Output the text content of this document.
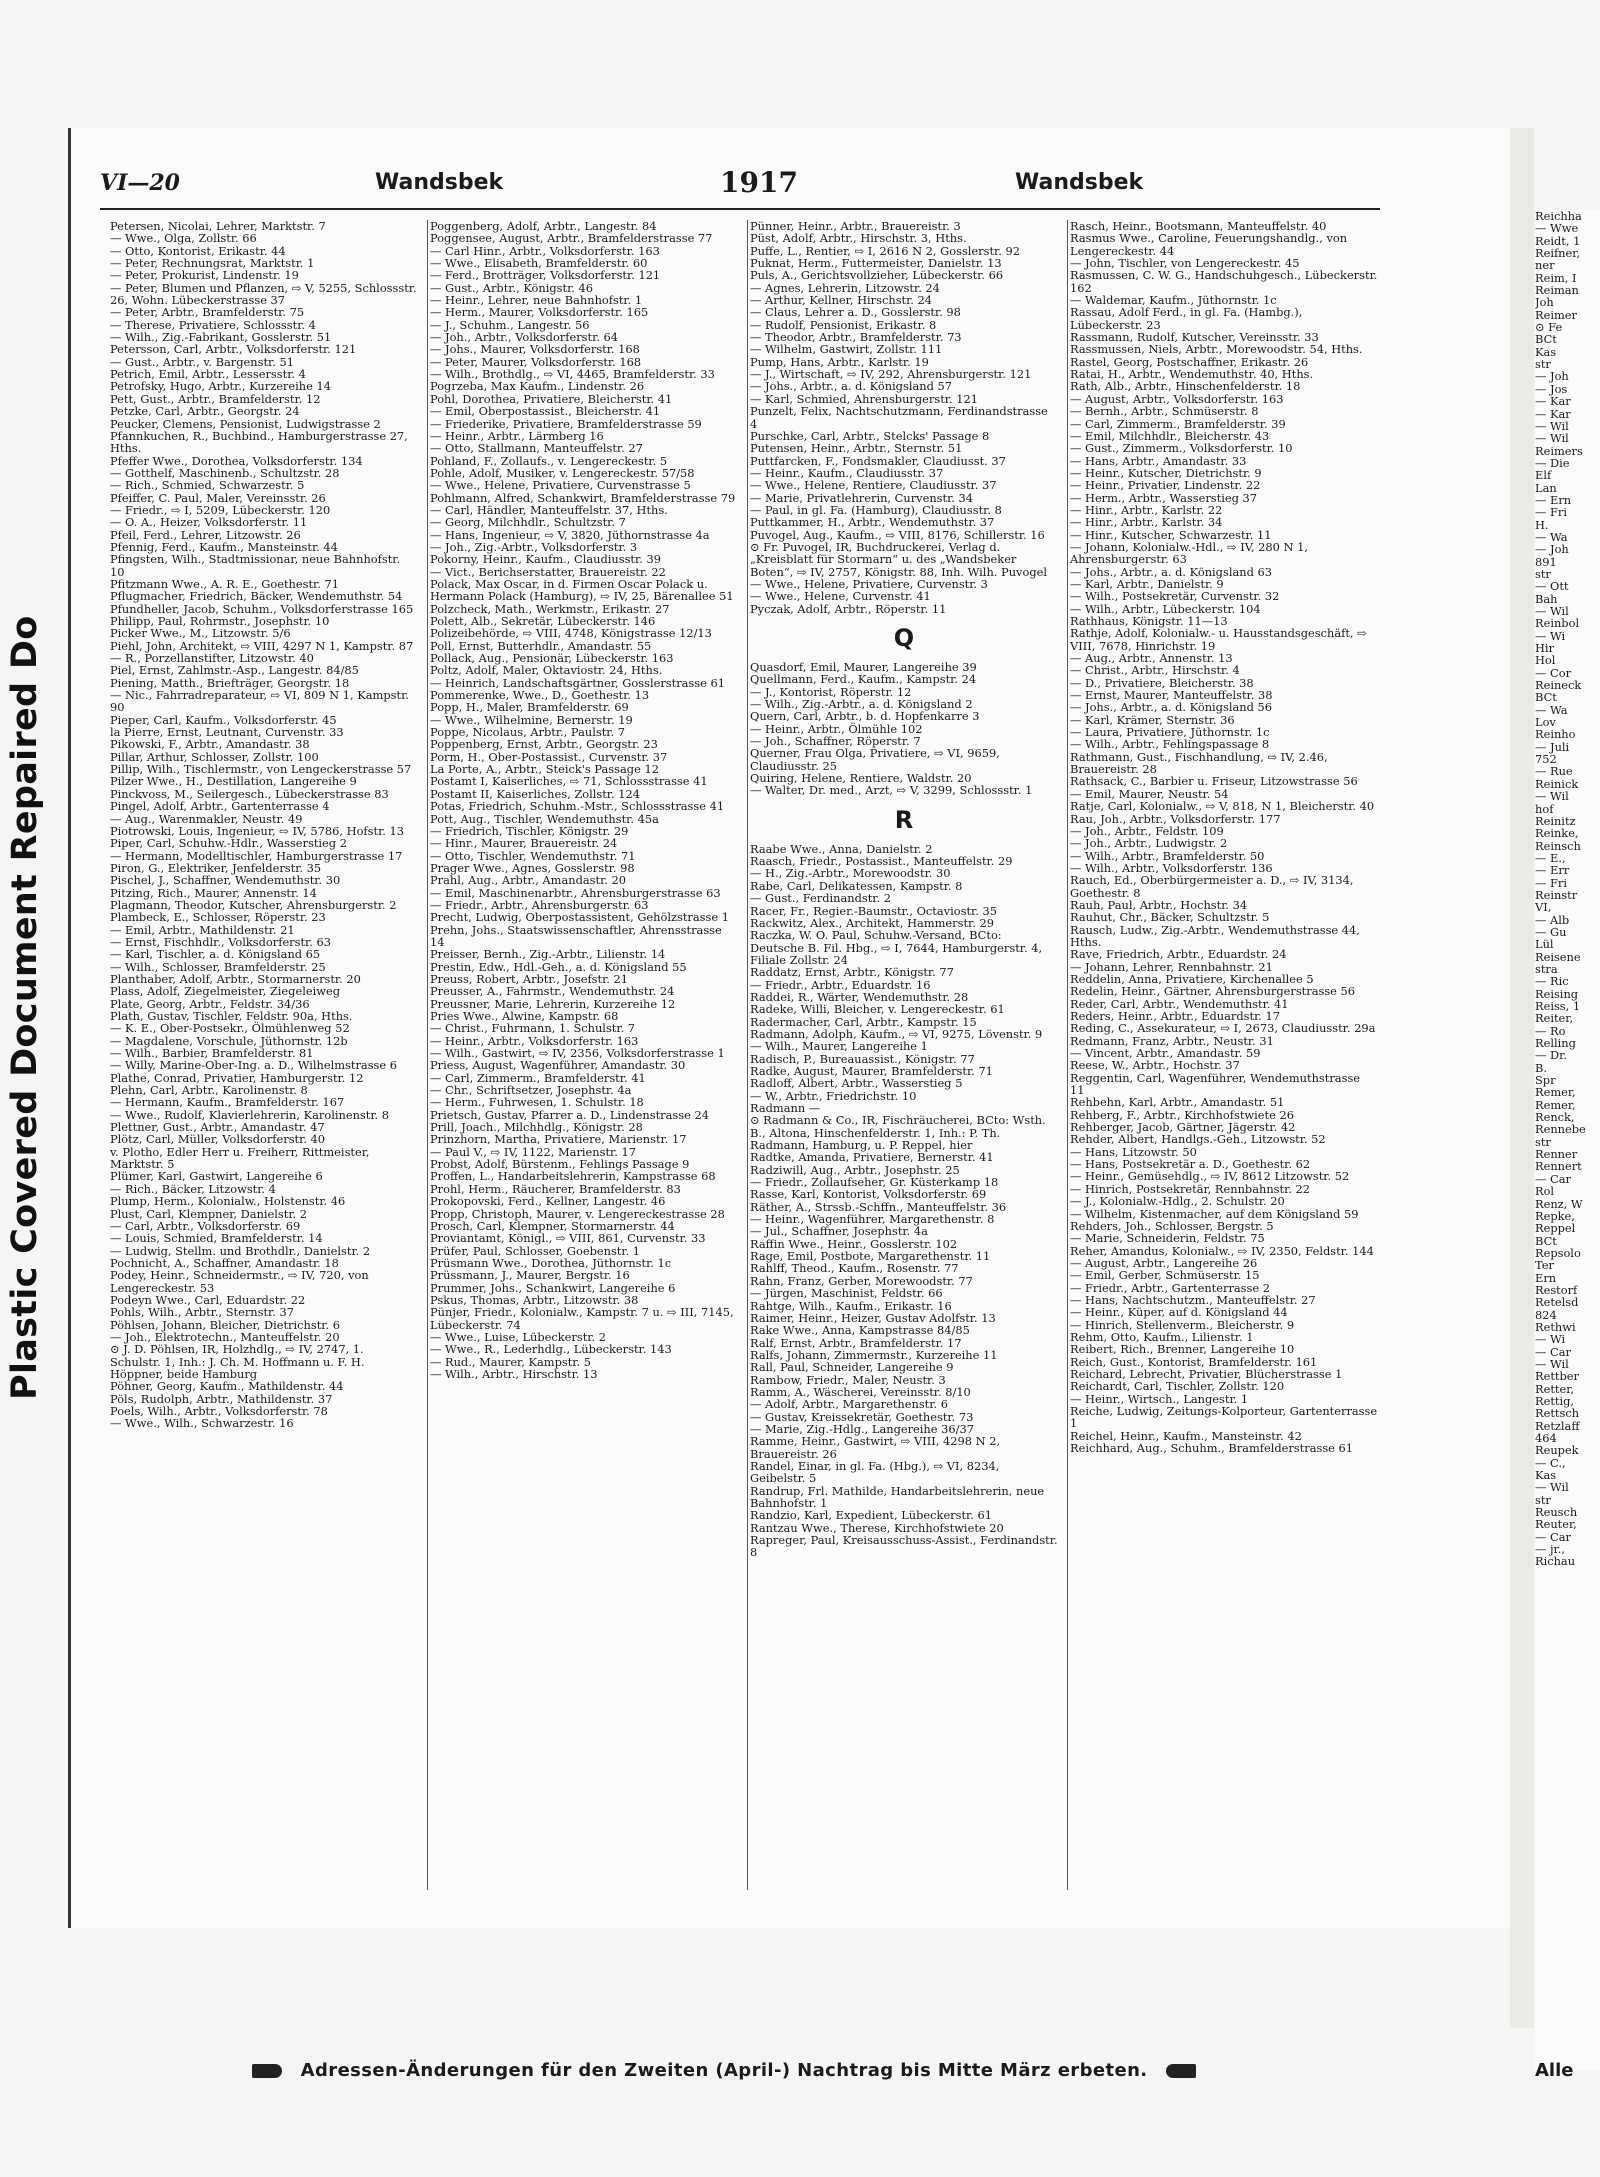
Plastic Covered Document Repaired Do
VI—20	Wandsbek	1917	Wandsbek
Petersen, Nicolai, Lehrer, Marktstr. 7
— Wwe., Olga, Zollstr. 66
— Otto, Kontorist, Erikastr. 44
— Peter, Rechnungsrat, Marktstr. 1
— Peter, Prokurist, Lindenstr. 19
— Peter, Blumen und Pflanzen, ⇨ V, 5255, Schlossstr. 26, Wohn. Lübeckerstrasse 37
— Peter, Arbtr., Bramfelderstr. 75
— Therese, Privatiere, Schlossstr. 4
— Wilh., Zig.-Fabrikant, Gosslerstr. 51
Petersson, Carl, Arbtr., Volksdorferstr. 121
— Gust., Arbtr., v. Bargenstr. 51
Petrich, Emil, Arbtr., Lessersstr. 4
Petrofsky, Hugo, Arbtr., Kurzereihe 14
Pett, Gust., Arbtr., Bramfelderstr. 12
Petzke, Carl, Arbtr., Georgstr. 24
Peucker, Clemens, Pensionist, Ludwigstrasse 2
Pfannkuchen, R., Buchbind., Hamburgerstrasse 27, Hths.
Pfeffer Wwe., Dorothea, Volksdorferstr. 134
— Gotthelf, Maschinenb., Schultzstr. 28
— Rich., Schmied, Schwarzestr. 5
Pfeiffer, C. Paul, Maler, Vereinsstr. 26
— Friedr., ⇨ I, 5209, Lübeckerstr. 120
— O. A., Heizer, Volksdorferstr. 11
Pfeil, Ferd., Lehrer, Litzowstr. 26
Pfennig, Ferd., Kaufm., Mansteinstr. 44
Pfingsten, Wilh., Stadtmissionar, neue Bahnhofstr. 10
Pfitzmann Wwe., A. R. E., Goethestr. 71
Pflugmacher, Friedrich, Bäcker, Wendemuthstr. 54
Pfundheller, Jacob, Schuhm., Volksdorferstrasse 165
Philipp, Paul, Rohrmstr., Josephstr. 10
Picker Wwe., M., Litzowstr. 5/6
Piehl, John, Architekt, ⇨ VIII, 4297 N 1, Kampstr. 87
— R., Porzellanstifter, Litzowstr. 40
Piel, Ernst, Zahlmstr.-Asp., Langestr. 84/85
Piening, Matth., Briefträger, Georgstr. 18
— Nic., Fahrradreparateur, ⇨ VI, 809 N 1, Kampstr. 90
Pieper, Carl, Kaufm., Volksdorferstr. 45
la Pierre, Ernst, Leutnant, Curvenstr. 33
Pikowski, F., Arbtr., Amandastr. 38
Pillar, Arthur, Schlosser, Zollstr. 100
Pillip, Wilh., Tischlermstr., von Lengeckerstrasse 57
Pilzer Wwe., H., Destillation, Langereihe 9
Pinckvoss, M., Seilergesch., Lübeckerstrasse 83
Pingel, Adolf, Arbtr., Gartenterrasse 4
— Aug., Warenmakler, Neustr. 49
Piotrowski, Louis, Ingenieur, ⇨ IV, 5786, Hofstr. 13
Piper, Carl, Schuhw.-Hdlr., Wasserstieg 2
— Hermann, Modelltischler, Hamburgerstrasse 17
Piron, G., Elektriker, Jenfelderstr. 35
Pischel, J., Schaffner, Wendemuthstr. 30
Pitzing, Rich., Maurer, Annenstr. 14
Plagmann, Theodor, Kutscher, Ahrensburgerstr. 2
Plambeck, E., Schlosser, Röperstr. 23
— Emil, Arbtr., Mathildenstr. 21
— Ernst, Fischhdlr., Volksdorferstr. 63
— Karl, Tischler, a. d. Königsland 65
— Wilh., Schlosser, Bramfelderstr. 25
Planthaber, Adolf, Arbtr., Stormarnerstr. 20
Plass, Adolf, Ziegelmeister, Ziegeleiweg
Plate, Georg, Arbtr., Feldstr. 34/36
Plath, Gustav, Tischler, Feldstr. 90a, Hths.
— K. E., Ober-Postsekr., Ölmühlenweg 52
— Magdalene, Vorschule, Jüthornstr. 12b
— Wilh., Barbier, Bramfelderstr. 81
— Willy, Marine-Ober-Ing. a. D., Wilhelmstrasse 6
Plathe, Conrad, Privatier, Hamburgerstr. 12
Plehn, Carl, Arbtr., Karolinenstr. 8
— Hermann, Kaufm., Bramfelderstr. 167
— Wwe., Rudolf, Klavierlehrerin, Karolinenstr. 8
Plettner, Gust., Arbtr., Amandastr. 47
Plötz, Carl, Müller, Volksdorferstr. 40
v. Plotho, Edler Herr u. Freiherr, Rittmeister, Marktstr. 5
Plümer, Karl, Gastwirt, Langereihe 6
— Rich., Bäcker, Litzowstr. 4
Plump, Herm., Kolonialw., Holstenstr. 46
Plust, Carl, Klempner, Danielstr. 2
— Carl, Arbtr., Volksdorferstr. 69
— Louis, Schmied, Bramfelderstr. 14
— Ludwig, Stellm. und Brothdlr., Danielstr. 2
Pochnicht, A., Schaffner, Amandastr. 18
Podey, Heinr., Schneidermstr., ⇨ IV, 720, von Lengereckestr. 53
Podeyn Wwe., Carl, Eduardstr. 22
Pohls, Wilh., Arbtr., Sternstr. 37
Pöhlsen, Johann, Bleicher, Dietrichstr. 6
— Joh., Elektrotechn., Manteuffelstr. 20
⊙ J. D. Pöhlsen, IR, Holzhdlg., ⇨ IV, 2747, 1. Schulstr. 1, Inh.: J. Ch. M. Hoffmann u. F. H. Höppner, beide Hamburg
Pöhner, Georg, Kaufm., Mathildenstr. 44
Pöls, Rudolph, Arbtr., Mathildenstr. 37
Poels, Wilh., Arbtr., Volksdorferstr. 78
— Wwe., Wilh., Schwarzestr. 16
Poggenberg, Adolf, Arbtr., Langestr. 84
Poggensee, August, Arbtr., Bramfelderstrasse 77
— Carl Hinr., Arbtr., Volksdorferstr. 163
— Wwe., Elisabeth, Bramfelderstr. 60
— Ferd., Brotträger, Volksdorferstr. 121
— Gust., Arbtr., Königstr. 46
— Heinr., Lehrer, neue Bahnhofstr. 1
— Herm., Maurer, Volksdorferstr. 165
— J., Schuhm., Langestr. 56
— Joh., Arbtr., Volksdorferstr. 64
— Johs., Maurer, Volksdorferstr. 168
— Peter, Maurer, Volksdorferstr. 168
— Wilh., Brothdlg., ⇨ VI, 4465, Bramfelderstr. 33
Pogrzeba, Max Kaufm., Lindenstr. 26
Pohl, Dorothea, Privatiere, Bleicherstr. 41
— Emil, Oberpostassist., Bleicherstr. 41
— Friederike, Privatiere, Bramfelderstrasse 59
— Heinr., Arbtr., Lärmberg 16
— Otto, Stallmann, Manteuffelstr. 27
Pohland, F., Zollaufs., v. Lengereckestr. 5
Pohle, Adolf, Musiker, v. Lengereckestr. 57/58
— Wwe., Helene, Privatiere, Curvenstrasse 5
Pohlmann, Alfred, Schankwirt, Bramfelderstrasse 79
— Carl, Händler, Manteuffelstr. 37, Hths.
— Georg, Milchhdlr., Schultzstr. 7
— Hans, Ingenieur, ⇨ V, 3820, Jüthornstrasse 4a
— Joh., Zig.-Arbtr., Volksdorferstr. 3
Pokorny, Heinr., Kaufm., Claudiusstr. 39
— Vict., Berichserstatter, Brauereistr. 22
Polack, Max Oscar, in d. Firmen Oscar Polack u. Hermann Polack (Hamburg), ⇨ IV, 25, Bärenallee 51
Polzcheck, Math., Werkmstr., Erikastr. 27
Polett, Alb., Sekretär, Lübeckerstr. 146
Polizeibehörde, ⇨ VIII, 4748, Königstrasse 12/13
Poll, Ernst, Butterhdlr., Amandastr. 55
Pollack, Aug., Pensionär, Lübeckerstr. 163
Poltz, Adolf, Maler, Oktaviostr. 24, Hths.
— Heinrich, Landschaftsgärtner, Gosslerstrasse 61
Pommerenke, Wwe., D., Goethestr. 13
Popp, H., Maler, Bramfelderstr. 69
— Wwe., Wilhelmine, Bernerstr. 19
Poppe, Nicolaus, Arbtr., Paulstr. 7
Poppenberg, Ernst, Arbtr., Georgstr. 23
Porm, H., Ober-Postassist., Curvenstr. 37
La Porte, A., Arbtr., Steick's Passage 12
Postamt I, Kaiserliches, ⇨ 71, Schlossstrasse 41
Postamt II, Kaiserliches, Zollstr. 124
Potas, Friedrich, Schuhm.-Mstr., Schlossstrasse 41
Pott, Aug., Tischler, Wendemuthstr. 45a
— Friedrich, Tischler, Königstr. 29
— Hinr., Maurer, Brauereistr. 24
— Otto, Tischler, Wendemuthstr. 71
Prager Wwe., Agnes, Gosslerstr. 98
Prahl, Aug., Arbtr., Amandastr. 20
— Emil, Maschinenarbtr., Ahrensburgerstrasse 63
— Friedr., Arbtr., Ahrensburgerstr. 63
Precht, Ludwig, Oberpostassistent, Gehölzstrasse 1
Prehn, Johs., Staatswissenschaftler, Ahrensstrasse 14
Preisser, Bernh., Zig.-Arbtr., Lilienstr. 14
Prestin, Edw., Hdl.-Geh., a. d. Königsland 55
Preuss, Robert, Arbtr., Josefstr. 21
Preusser, A., Fahrmstr., Wendemuthstr. 24
Preussner, Marie, Lehrerin, Kurzereihe 12
Pries Wwe., Alwine, Kampstr. 68
— Christ., Fuhrmann, 1. Schulstr. 7
— Heinr., Arbtr., Volksdorferstr. 163
— Wilh., Gastwirt, ⇨ IV, 2356, Volksdorferstrasse 1
Priess, August, Wagenführer, Amandastr. 30
— Carl, Zimmerm., Bramfelderstr. 41
— Chr., Schriftsetzer, Josephstr. 4a
— Herm., Fuhrwesen, 1. Schulstr. 18
Prietsch, Gustav, Pfarrer a. D., Lindenstrasse 24
Prill, Joach., Milchhdlg., Königstr. 28
Prinzhorn, Martha, Privatiere, Marienstr. 17
— Paul V., ⇨ IV, 1122, Marienstr. 17
Probst, Adolf, Bürstenm., Fehlings Passage 9
Proffen, L., Handarbeitslehrerin, Kampstrasse 68
Prohl, Herm., Räucherer, Bramfelderstr. 83
Prokopovski, Ferd., Kellner, Langestr. 46
Propp, Christoph, Maurer, v. Lengereckestrasse 28
Prosch, Carl, Klempner, Stormarnerstr. 44
Proviantamt, Königl., ⇨ VIII, 861, Curvenstr. 33
Prüfer, Paul, Schlosser, Goebenstr. 1
Prüsmann Wwe., Dorothea, Jüthornstr. 1c
Prüssmann, J., Maurer, Bergstr. 16
Prummer, Johs., Schankwirt, Langereihe 6
Pskus, Thomas, Arbtr., Litzowstr. 38
Pünjer, Friedr., Kolonialw., Kampstr. 7 u. ⇨ III, 7145, Lübeckerstr. 74
— Wwe., Luise, Lübeckerstr. 2
— Wwe., R., Lederhdlg., Lübeckerstr. 143
— Rud., Maurer, Kampstr. 5
— Wilh., Arbtr., Hirschstr. 13
Pünner, Heinr., Arbtr., Brauereistr. 3
Püst, Adolf, Arbtr., Hirschstr. 3, Hths.
Puffe, L., Rentier, ⇨ I, 2616 N 2, Gosslerstr. 92
Puknat, Herm., Futtermeister, Danielstr. 13
Puls, A., Gerichtsvollzieher, Lübeckerstr. 66
— Agnes, Lehrerin, Litzowstr. 24
— Arthur, Kellner, Hirschstr. 24
— Claus, Lehrer a. D., Gosslerstr. 98
— Rudolf, Pensionist, Erikastr. 8
— Theodor, Arbtr., Bramfelderstr. 73
— Wilhelm, Gastwirt, Zollstr. 111
Pump, Hans, Arbtr., Karlstr. 19
— J., Wirtschaft, ⇨ IV, 292, Ahrensburgerstr. 121
— Johs., Arbtr., a. d. Königsland 57
— Karl, Schmied, Ahrensburgerstr. 121
Punzelt, Felix, Nachtschutzmann, Ferdinandstrasse 4
Purschke, Carl, Arbtr., Stelcks' Passage 8
Putensen, Heinr., Arbtr., Sternstr. 51
Puttfarcken, F., Fondsmakler, Claudiusst. 37
— Heinr., Kaufm., Claudiusstr. 37
— Wwe., Helene, Rentiere, Claudiusstr. 37
— Marie, Privatlehrerin, Curvenstr. 34
— Paul, in gl. Fa. (Hamburg), Claudiusstr. 8
Puttkammer, H., Arbtr., Wendemuthstr. 37
Puvogel, Aug., Kaufm., ⇨ VIII, 8176, Schillerstr. 16
⊙ Fr. Puvogel, IR, Buchdruckerei, Verlag d. „Kreisblatt für Stormarn“ u. des „Wandsbeker Boten“, ⇨ IV, 2757, Königstr. 88, Inh. Wilh. Puvogel
— Wwe., Helene, Privatiere, Curvenstr. 3
— Wwe., Helene, Curvenstr. 41
Pyczak, Adolf, Arbtr., Röperstr. 11
Q
Quasdorf, Emil, Maurer, Langereihe 39
Quellmann, Ferd., Kaufm., Kampstr. 24
— J., Kontorist, Röperstr. 12
— Wilh., Zig.-Arbtr., a. d. Königsland 2
Quern, Carl, Arbtr., b. d. Hopfenkarre 3
— Heinr., Arbtr., Ölmühle 102
— Joh., Schaffner, Röperstr. 7
Querner, Frau Olga, Privatiere, ⇨ VI, 9659, Claudiusstr. 25
Quiring, Helene, Rentiere, Waldstr. 20
— Walter, Dr. med., Arzt, ⇨ V, 3299, Schlossstr. 1
R
Raabe Wwe., Anna, Danielstr. 2
Raasch, Friedr., Postassist., Manteuffelstr. 29
— H., Zig.-Arbtr., Morewoodstr. 30
Rabe, Carl, Delikatessen, Kampstr. 8
— Gust., Ferdinandstr. 2
Racer, Fr., Regier.-Baumstr., Octaviostr. 35
Rackwitz, Alex., Architekt, Hammerstr. 29
Raczka, W. O. Paul, Schuhw.-Versand, BCto: Deutsche B. Fil. Hbg., ⇨ I, 7644, Hamburgerstr. 4, Filiale Zollstr. 24
Raddatz, Ernst, Arbtr., Königstr. 77
— Friedr., Arbtr., Eduardstr. 16
Raddei, R., Wärter, Wendemuthstr. 28
Radeke, Willi, Bleicher, v. Lengereckestr. 61
Radermacher, Carl, Arbtr., Kampstr. 15
Radmann, Adolph, Kaufm., ⇨ VI, 9275, Lövenstr. 9
— Wilh., Maurer, Langereihe 1
Radisch, P., Bureauassist., Königstr. 77
Radke, August, Maurer, Bramfelderstr. 71
Radloff, Albert, Arbtr., Wasserstieg 5
— W., Arbtr., Friedrichstr. 10
Radmann —
⊙ Radmann & Co., IR, Fischräucherei, BCto: Wsth. B., Altona, Hinschenfelderstr. 1, Inh.: P. Th. Radmann, Hamburg, u. P. Reppel, hier
Radtke, Amanda, Privatiere, Bernerstr. 41
Radziwill, Aug., Arbtr., Josephstr. 25
— Friedr., Zollaufseher, Gr. Küsterkamp 18
Rasse, Karl, Kontorist, Volksdorferstr. 69
Räther, A., Strssb.-Schffn., Manteuffelstr. 36
— Heinr., Wagenführer, Margarethenstr. 8
— Jul., Schaffner, Josephstr. 4a
Raffin Wwe., Heinr., Gosslerstr. 102
Rage, Emil, Postbote, Margarethenstr. 11
Rahlff, Theod., Kaufm., Rosenstr. 77
Rahn, Franz, Gerber, Morewoodstr. 77
— Jürgen, Maschinist, Feldstr. 66
Rahtge, Wilh., Kaufm., Erikastr. 16
Raimer, Heinr., Heizer, Gustav Adolfstr. 13
Rake Wwe., Anna, Kampstrasse 84/85
Ralf, Ernst, Arbtr., Bramfelderstr. 17
Ralfs, Johann, Zimmermstr., Kurzereihe 11
Rall, Paul, Schneider, Langereihe 9
Rambow, Friedr., Maler, Neustr. 3
Ramm, A., Wäscherei, Vereinsstr. 8/10
— Adolf, Arbtr., Margarethenstr. 6
— Gustav, Kreissekretär, Goethestr. 73
— Marie, Zig.-Hdlg., Langereihe 36/37
Ramme, Heinr., Gastwirt, ⇨ VIII, 4298 N 2, Brauereistr. 26
Randel, Einar, in gl. Fa. (Hbg.), ⇨ VI, 8234, Geibelstr. 5
Randrup, Frl. Mathilde, Handarbeitslehrerin, neue Bahnhofstr. 1
Randzio, Karl, Expedient, Lübeckerstr. 61
Rantzau Wwe., Therese, Kirchhofstwiete 20
Rapreger, Paul, Kreisausschuss-Assist., Ferdinandstr. 8
Rasch, Heinr., Bootsmann, Manteuffelstr. 40
Rasmus Wwe., Caroline, Feuerungshandlg., von Lengereckestr. 44
— John, Tischler, von Lengereckestr. 45
Rasmussen, C. W. G., Handschuhgesch., Lübeckerstr. 162
— Waldemar, Kaufm., Jüthornstr. 1c
Rassau, Adolf Ferd., in gl. Fa. (Hambg.), Lübeckerstr. 23
Rassmann, Rudolf, Kutscher, Vereinsstr. 33
Rassmussen, Niels, Arbtr., Morewoodstr. 54, Hths.
Rastel, Georg, Postschaffner, Erikastr. 26
Ratai, H., Arbtr., Wendemuthstr. 40, Hths.
Rath, Alb., Arbtr., Hinschenfelderstr. 18
— August, Arbtr., Volksdorferstr. 163
— Bernh., Arbtr., Schmüserstr. 8
— Carl, Zimmerm., Bramfelderstr. 39
— Emil, Milchhdlr., Bleicherstr. 43
— Gust., Zimmerm., Volksdorferstr. 10
— Hans, Arbtr., Amandastr. 33
— Heinr., Kutscher, Dietrichstr. 9
— Heinr., Privatier, Lindenstr. 22
— Herm., Arbtr., Wasserstieg 37
— Hinr., Arbtr., Karlstr. 22
— Hinr., Arbtr., Karlstr. 34
— Hinr., Kutscher, Schwarzestr. 11
— Johann, Kolonialw.-Hdl., ⇨ IV, 280 N 1, Ahrensburgerstr. 63
— Johs., Arbtr., a. d. Königsland 63
— Karl, Arbtr., Danielstr. 9
— Wilh., Postsekretär, Curvenstr. 32
— Wilh., Arbtr., Lübeckerstr. 104
Rathhaus, Königstr. 11—13
Rathje, Adolf, Kolonialw.- u. Hausstandsgeschäft, ⇨ VIII, 7678, Hinrichstr. 19
— Aug., Arbtr., Annenstr. 13
— Christ., Arbtr., Hirschstr. 4
— D., Privatiere, Bleicherstr. 38
— Ernst, Maurer, Manteuffelstr. 38
— Johs., Arbtr., a. d. Königsland 56
— Karl, Krämer, Sternstr. 36
— Laura, Privatiere, Jüthornstr. 1c
— Wilh., Arbtr., Fehlingspassage 8
Rathmann, Gust., Fischhandlung, ⇨ IV, 2.46, Brauereistr. 28
Rathsack, C., Barbier u. Friseur, Litzowstrasse 56
— Emil, Maurer, Neustr. 54
Ratje, Carl, Kolonialw., ⇨ V, 818, N 1, Bleicherstr. 40
Rau, Joh., Arbtr., Volksdorferstr. 177
— Joh., Arbtr., Feldstr. 109
— Joh., Arbtr., Ludwigstr. 2
— Wilh., Arbtr., Bramfelderstr. 50
— Wilh., Arbtr., Volksdorferstr. 136
Rauch, Ed., Oberbürgermeister a. D., ⇨ IV, 3134, Goethestr. 8
Rauh, Paul, Arbtr., Hochstr. 34
Rauhut, Chr., Bäcker, Schultzstr. 5
Rausch, Ludw., Zig.-Arbtr., Wendemuthstrasse 44, Hths.
Rave, Friedrich, Arbtr., Eduardstr. 24
— Johann, Lehrer, Rennbahnstr. 21
Reddelin, Anna, Privatiere, Kirchenallee 5
Redelin, Heinr., Gärtner, Ahrensburgerstrasse 56
Reder, Carl, Arbtr., Wendemuthstr. 41
Reders, Heinr., Arbtr., Eduardstr. 17
Reding, C., Assekurateur, ⇨ I, 2673, Claudiusstr. 29a
Redmann, Franz, Arbtr., Neustr. 31
— Vincent, Arbtr., Amandastr. 59
Reese, W., Arbtr., Hochstr. 37
Reggentin, Carl, Wagenführer, Wendemuthstrasse 11
Rehbehn, Karl, Arbtr., Amandastr. 51
Rehberg, F., Arbtr., Kirchhofstwiete 26
Rehberger, Jacob, Gärtner, Jägerstr. 42
Rehder, Albert, Handlgs.-Geh., Litzowstr. 52
— Hans, Litzowstr. 50
— Hans, Postsekretär a. D., Goethestr. 62
— Heinr., Gemüsehdlg., ⇨ IV, 8612 Litzowstr. 52
— Hinrich, Postsekretär, Rennbahnstr. 22
— J., Kolonialw.-Hdlg., 2. Schulstr. 20
— Wilhelm, Kistenmacher, auf dem Königsland 59
Rehders, Joh., Schlosser, Bergstr. 5
— Marie, Schneiderin, Feldstr. 75
Reher, Amandus, Kolonialw., ⇨ IV, 2350, Feldstr. 144
— August, Arbtr., Langereihe 26
— Emil, Gerber, Schmüserstr. 15
— Friedr., Arbtr., Gartenterrasse 2
— Hans, Nachtschutzm., Manteuffelstr. 27
— Heinr., Küper, auf d. Königsland 44
— Hinrich, Stellenverm., Bleicherstr. 9
Rehm, Otto, Kaufm., Lilienstr. 1
Reibert, Rich., Brenner, Langereihe 10
Reich, Gust., Kontorist, Bramfelderstr. 161
Reichard, Lebrecht, Privatier, Blücherstrasse 1
Reichardt, Carl, Tischler, Zollstr. 120
— Heinr., Wirtsch., Langestr. 1
Reiche, Ludwig, Zeitungs-Kolporteur, Gartenterrasse 1
Reichel, Heinr., Kaufm., Mansteinstr. 42
Reichhard, Aug., Schuhm., Bramfelderstrasse 61
Reichha
— Wwe
Reidt, 1
Reifner,
ner
Reim, I
Reiman
Joh
Reimer
⊙ Fe
BCt
Kas
str
— Joh
— Jos
— Kar
— Kar
— Wil
— Wil
Reimers
— Die
Elf
Lan
— Ern
— Fri
H.
— Wa
— Joh
891
str
— Ott
Bah
— Wil
Reinbol
— Wi
Hir
Hol
— Cor
Reineck
BCt
— Wa
Lov
Reinho
— Juli
752
— Rue
Reinick
— Wil
hof
Reinitz
Reinke,
Reinsch
— E.,
— Err
— Fri
Reinstr
VI,
— Alb
— Gu
Lül
Reisene
stra
— Ric
Reising
Reiss, 1
Reiter,
— Ro
Relling
— Dr.
B.
Spr
Remer,
Remer,
Renck,
Rennebe
str
Renner
Rennert
— Car
Rol
Renz, W
Repke,
Reppel
BCt
Repsolo
Ter
Ern
Restorf
Retelsd
824
Rethwi
— Wi
— Car
— Wil
Rettber
Retter,
Rettig,
Rettsch
Retzlaff
464
Reupek
— C.,
Kas
— Wil
str
Reusch
Reuter,
— Car
— jr.,
Richau
Alle
Adressen-Änderungen für den Zweiten (April-) Nachtrag bis Mitte März erbeten.
